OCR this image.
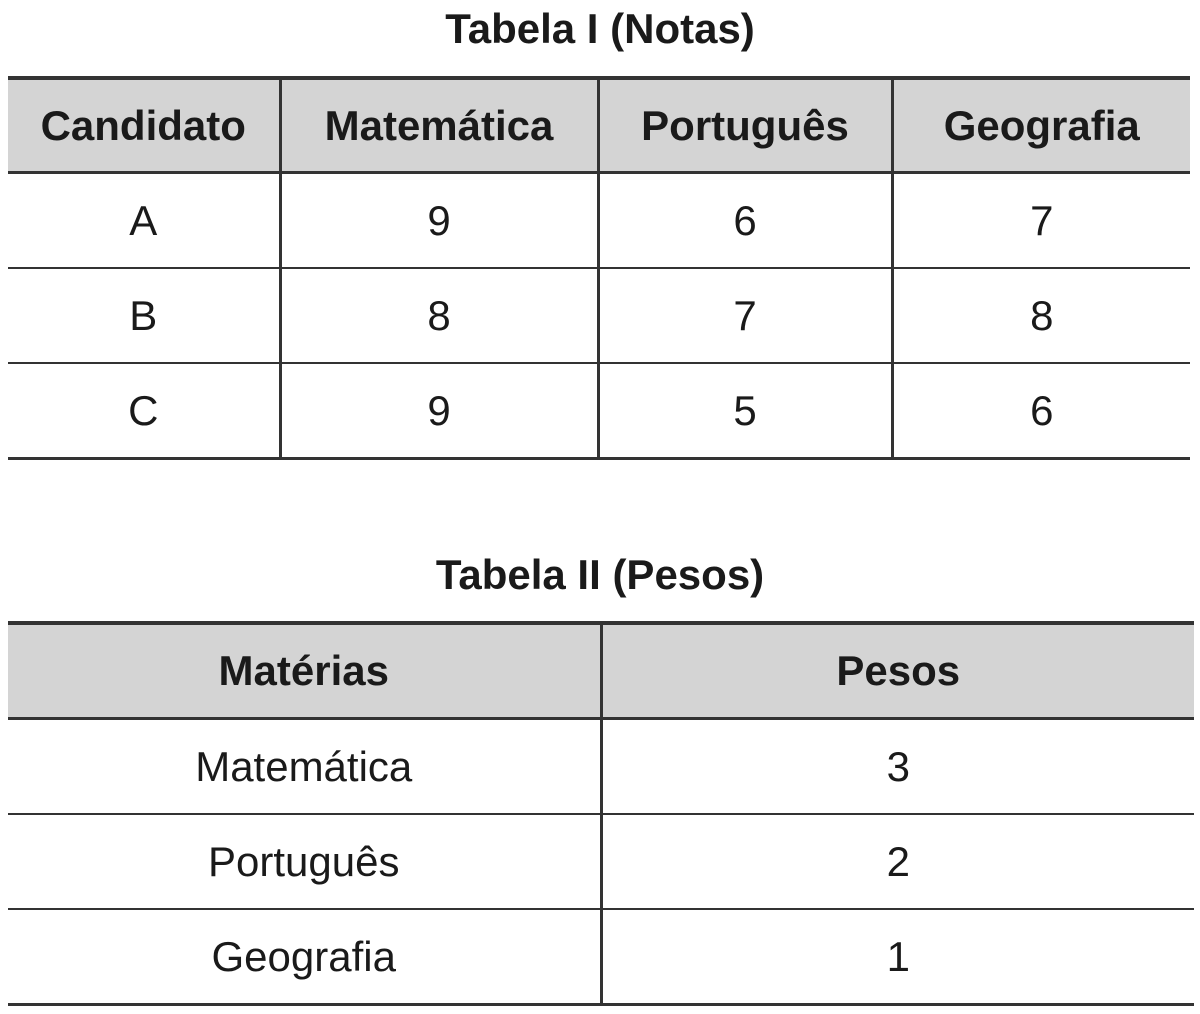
Tabela I (Notas)
Candidato	Matemática	Português	Geografia
A	9	6	7
B	8	7	8
C	9	5	6
Tabela II (Pesos)
Matérias	Pesos
Matemática	3
Português	2
Geografia	1
